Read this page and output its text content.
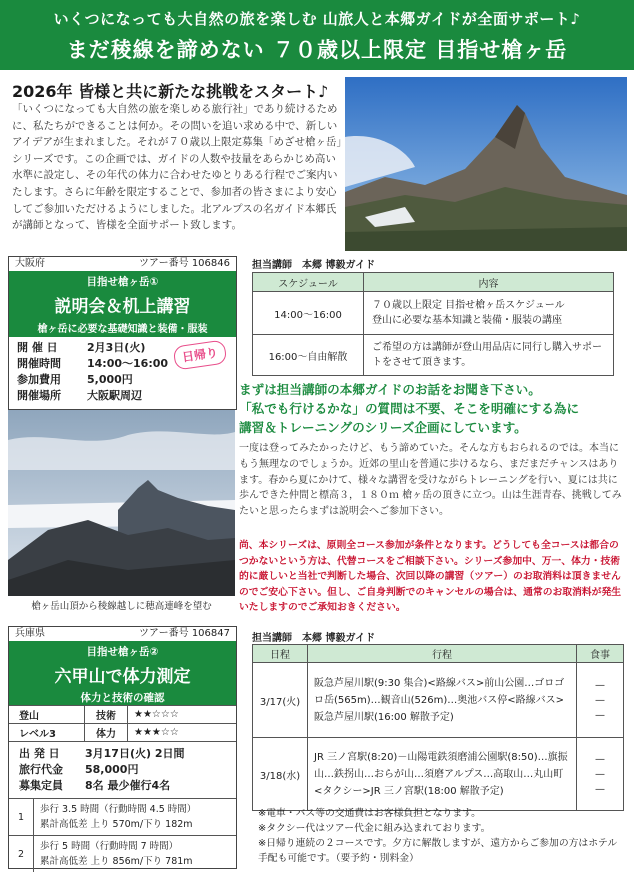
いくつになっても大自然の旅を楽しむ 山旅人と本郷ガイドが全面サポート♪
まだ稜線を諦めない ７０歳以上限定 目指せ槍ヶ岳
2026年 皆様と共に新たな挑戦をスタート♪
「いくつになっても大自然の旅を楽しめる旅行社」であり続けるために、私たちができることは何か。その問いを追い求める中で、新しいアイデアが生まれました。それが７０歳以上限定募集「めざせ槍ヶ岳」シリーズです。この企画では、ガイドの人数や技量をあらかじめ高い水準に設定し、その年代の体力に合わせたゆとりある行程でご案内いたします。さらに年齢を限定することで、参加者の皆さまにより安心してご参加いただけるようにしました。北アルプスの名ガイド本郷氏が講師となって、皆様を全面サポート致します。
大阪府	ツアー番号 106846
目指せ槍ヶ岳①
説明会＆机上講習
槍ヶ岳に必要な基礎知識と装備・服装
開 催 日	2月3日(火)
開催時間 14:00～16:00
参加費用 5,000円
開催場所 大阪駅周辺
日帰り
担当講師　本郷 博毅ガイド
スケジュール	内容
14:00～16:00	７０歳以上限定 目指せ槍ヶ岳スケジュール
登山に必要な基本知識と装備・服装の講座
16:00～自由解散	ご希望の方は講師が登山用品店に同行し購入サポートをさせて頂きます。
槍ヶ岳山頂から稜線越しに穂高連峰を望む
まずは担当講師の本郷ガイドのお話をお聞き下さい。
「私でも行けるかな」の質問は不要、そこを明確にする為に
講習＆トレーニングのシリーズ企画にしています。
一度は登ってみたかったけど、もう諦めていた。そんな方もおられるのでは。本当にもう無理なのでしょうか。近郊の里山を普通に歩けるなら、まだまだチャンスはあります。春から夏にかけて、様々な講習を受けながらトレーニングを行い、夏には共に歩んできた仲間と標高３，１８０ｍ 槍ヶ岳の頂きに立つ。山は生涯青春、挑戦してみたいと思ったらまずは説明会へご参加下さい。
尚、本シリーズは、原則全コース参加が条件となります。どうしても全コースは都合のつかないという方は、代替コースをご相談下さい。シリーズ参加中、万一、体力・技術的に厳しいと当社で判断した場合、次回以降の講習（ツアー）のお取消料は頂きませんのでご安心下さい。但し、ご自身判断でのキャンセルの場合は、通常のお取消料が発生いたしますのでご承知おきください。
兵庫県	ツアー番号 106847
目指せ槍ヶ岳②
六甲山で体力測定
体力と技術の確認
登山	技術	★★☆☆☆
レベル3	体力	★★★☆☆
出 発 日 3月17日(火) 2日間
旅行代金 58,000円
募集定員 8名 最少催行4名
1	歩行 3.5 時間（行動時間 4.5 時間）
累計高低差 上り 570m/下り 182m

2	歩行 5 時間（行動時間 7 時間）
累計高低差 上り 856m/下り 781m
担当講師　本郷 博毅ガイド
日程	行程	食事
3/17(火)	阪急芦屋川駅(9:30 集合)<路線バス>前山公園…ゴロゴロ岳(565m)…観音山(526m)…奥池バス停<路線バス>阪急芦屋川駅(16:00 解散予定)	—
—
—
3/18(水)	JR 三ノ宮駅(8:20)－山陽電鉄須磨浦公園駅(8:50)…旗振山…鉄拐山…おらが山…須磨アルプス…高取山…丸山町<タクシー>JR 三ノ宮駅(18:00 解散予定)	—
—
—
※電車・バス等の交通費はお客様負担となります。
※タクシー代はツアー代金に組み込まれております。
※日帰り連続の２コースです。夕方に解散しますが、遠方からご参加の方はホテル手配も可能です。（要予約・別料金）
